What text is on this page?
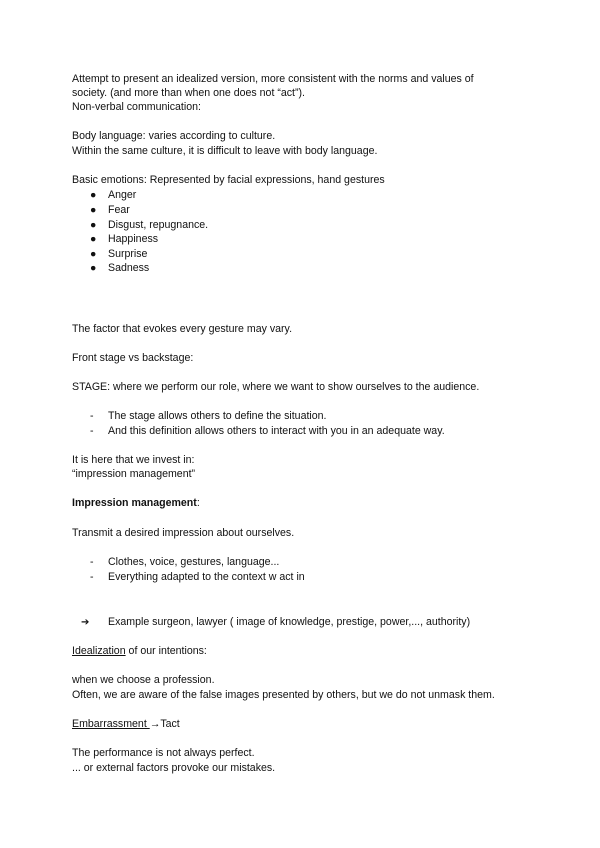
Attempt to present an idealized version, more consistent with the norms and values of
society. (and more than when one does not “act”).
Non-verbal communication:
Body language: varies according to culture.
Within the same culture, it is difficult to leave with body language.
Basic emotions: Represented by facial expressions, hand gestures
● Anger
● Fear
● Disgust, repugnance.
● Happiness
● Surprise
● Sadness
The factor that evokes every gesture may vary.
Front stage vs backstage:
STAGE: where we perform our role, where we want to show ourselves to the audience.
- The stage allows others to define the situation.
- And this definition allows others to interact with you in an adequate way.
It is here that we invest in:
“impression management”
Impression management:
Transmit a desired impression about ourselves.
- Clothes, voice, gestures, language...
- Everything adapted to the context w act in
➔ Example surgeon, lawyer ( image of knowledge, prestige, power,..., authority)
Idealization of our intentions:
when we choose a profession.
Often, we are aware of the false images presented by others, but we do not unmask them.
Embarrassment →Tact
The performance is not always perfect.
... or external factors provoke our mistakes.
